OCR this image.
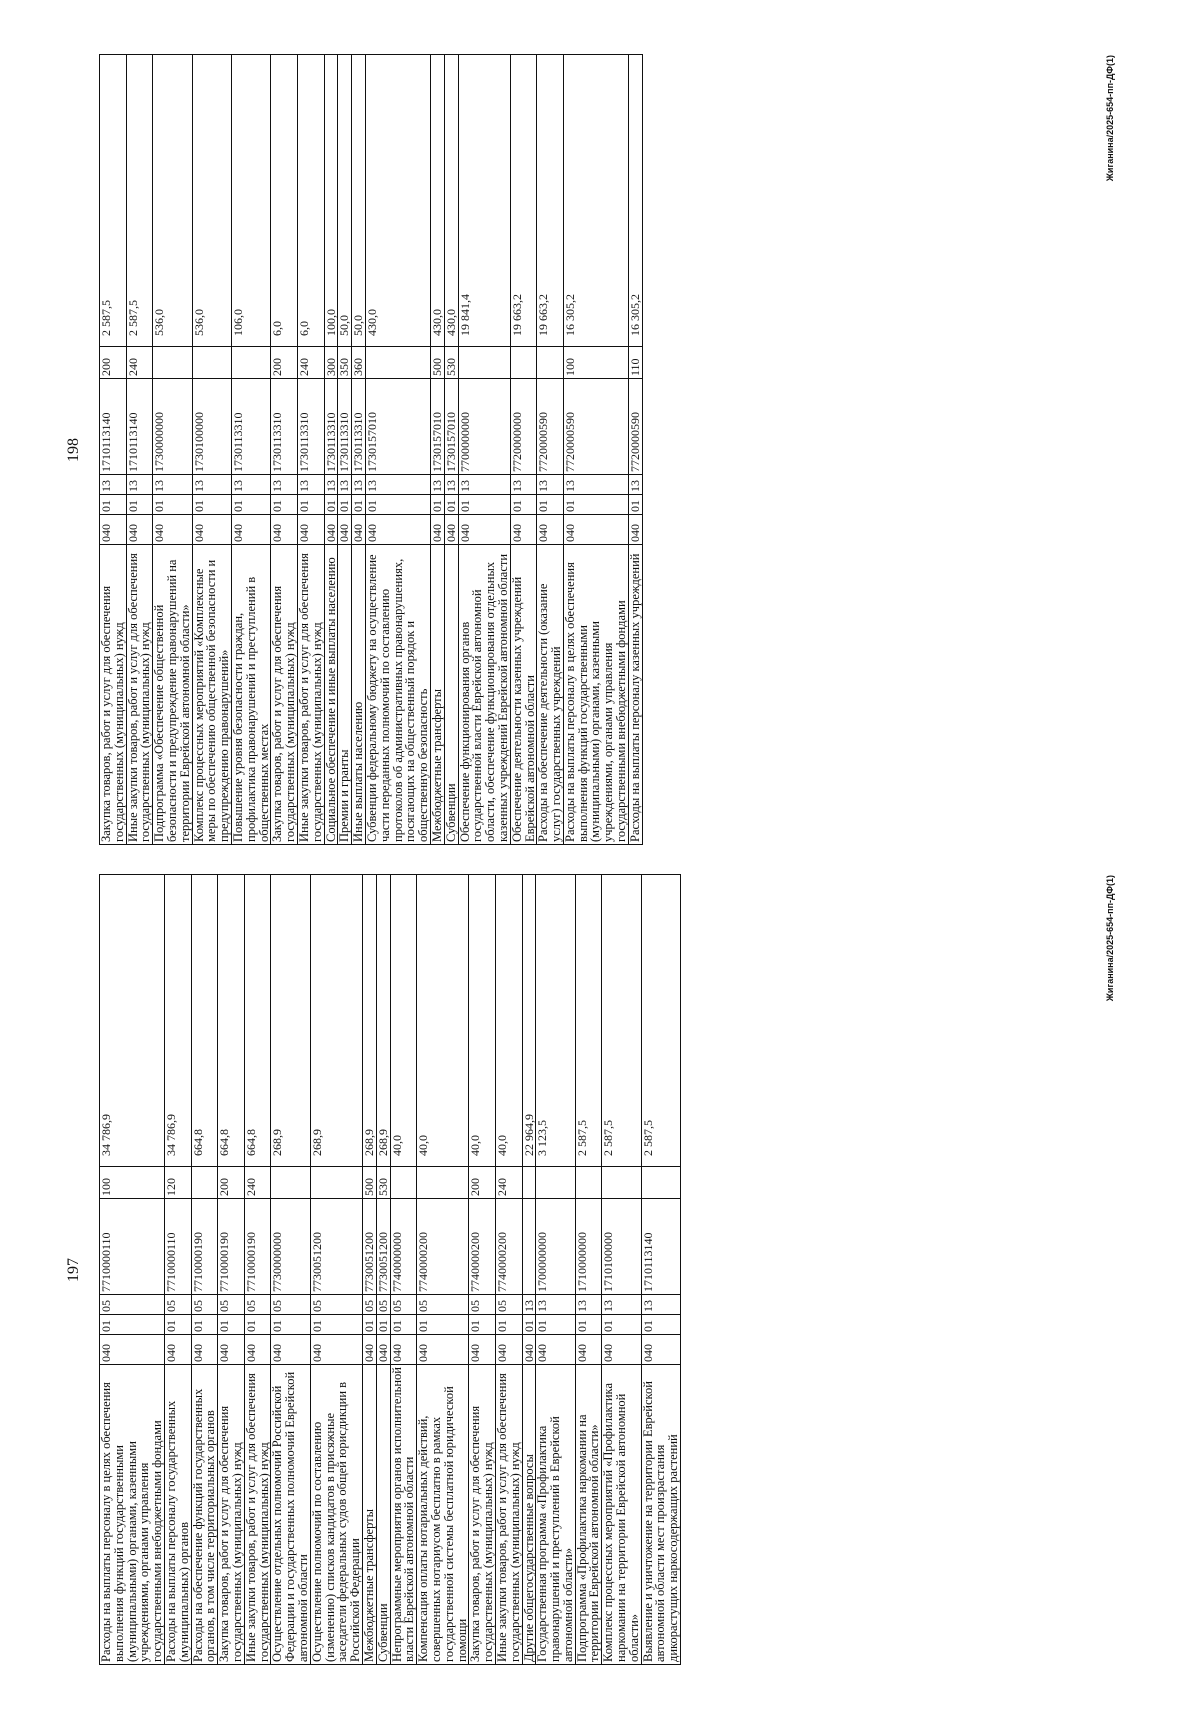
197
Расходы на выплаты персоналу в целях обеспечения выполнения функций государственными (муниципальными) органами, казенными учреждениями, органами управления государственными внебюджетными фондами	040	01	05	7710000110	100	34 786,9
Расходы на выплаты персоналу государственных (муниципальных) органов	040	01	05	7710000110	120	34 786,9
Расходы на обеспечение функций государственных органов, в том числе территориальных органов	040	01	05	7710000190		664,8
Закупка товаров, работ и услуг для обеспечения государственных (муниципальных) нужд	040	01	05	7710000190	200	664,8
Иные закупки товаров, работ и услуг для обеспечения государственных (муниципальных) нужд	040	01	05	7710000190	240	664,8
Осуществление отдельных полномочий Российской Федерации и государственных полномочий Еврейской автономной области	040	01	05	7730000000		268,9
Осуществление полномочий по составлению (изменению) списков кандидатов в присяжные заседатели федеральных судов общей юрисдикции в Российской Федерации	040	01	05	7730051200		268,9
Межбюджетные трансферты	040	01	05	7730051200	500	268,9
Субвенции	040	01	05	7730051200	530	268,9
Непрограммные мероприятия органов исполнительной власти Еврейской автономной области	040	01	05	7740000000		40,0
Компенсация оплаты нотариальных действий, совершенных нотариусом бесплатно в рамках государственной системы бесплатной юридической помощи	040	01	05	7740000200		40,0
Закупка товаров, работ и услуг для обеспечения государственных (муниципальных) нужд	040	01	05	7740000200	200	40,0
Иные закупки товаров, работ и услуг для обеспечения государственных (муниципальных) нужд	040	01	05	7740000200	240	40,0
Другие общегосударственные вопросы	040	01	13			22 964,9
Государственная программа «Профилактика правонарушений и преступлений в Еврейской автономной области»	040	01	13	1700000000		3 123,5
Подпрограмма «Профилактика наркомании на территории Еврейской автономной области»	040	01	13	1710000000		2 587,5
Комплекс процессных мероприятий «Профилактика наркомании на территории Еврейской автономной области»	040	01	13	1710100000		2 587,5
Выявление и уничтожение на территории Еврейской автономной области мест произрастания дикорастущих наркосодержащих растений	040	01	13	1710113140		2 587,5
Жиганина/2025-654-пп-ДФ(1)
198
Закупка товаров, работ и услуг для обеспечения государственных (муниципальных) нужд	040	01	13	1710113140	200	2 587,5
Иные закупки товаров, работ и услуг для обеспечения государственных (муниципальных) нужд	040	01	13	1710113140	240	2 587,5
Подпрограмма «Обеспечение общественной безопасности и предупреждение правонарушений на территории Еврейской автономной области»	040	01	13	1730000000		536,0
Комплекс процессных мероприятий «Комплексные меры по обеспечению общественной безопасности и предупреждению правонарушений»	040	01	13	1730100000		536,0
Повышение уровня безопасности граждан, профилактика правонарушений и преступлений в общественных местах	040	01	13	1730113310		106,0
Закупка товаров, работ и услуг для обеспечения государственных (муниципальных) нужд	040	01	13	1730113310	200	6,0
Иные закупки товаров, работ и услуг для обеспечения государственных (муниципальных) нужд	040	01	13	1730113310	240	6,0
Социальное обеспечение и иные выплаты населению	040	01	13	1730113310	300	100,0
Премии и гранты	040	01	13	1730113310	350	50,0
Иные выплаты населению	040	01	13	1730113310	360	50,0
Субвенции федеральному бюджету на осуществление части переданных полномочий по составлению протоколов об административных правонарушениях, посягающих на общественный порядок и общественную безопасность	040	01	13	1730157010		430,0
Межбюджетные трансферты	040	01	13	1730157010	500	430,0
Субвенции	040	01	13	1730157010	530	430,0
Обеспечение функционирования органов государственной власти Еврейской автономной области, обеспечение функционирования отдельных казенных учреждений Еврейской автономной области	040	01	13	7700000000		19 841,4
Обеспечение деятельности казенных учреждений Еврейской автономной области	040	01	13	7720000000		19 663,2
Расходы на обеспечение деятельности (оказание услуг) государственных учреждений	040	01	13	7720000590		19 663,2
Расходы на выплаты персоналу в целях обеспечения выполнения функций государственными (муниципальными) органами, казенными учреждениями, органами управления государственными внебюджетными фондами	040	01	13	7720000590	100	16 305,2
Расходы на выплаты персоналу казенных учреждений	040	01	13	7720000590	110	16 305,2
Жиганина/2025-654-пп-ДФ(1)
